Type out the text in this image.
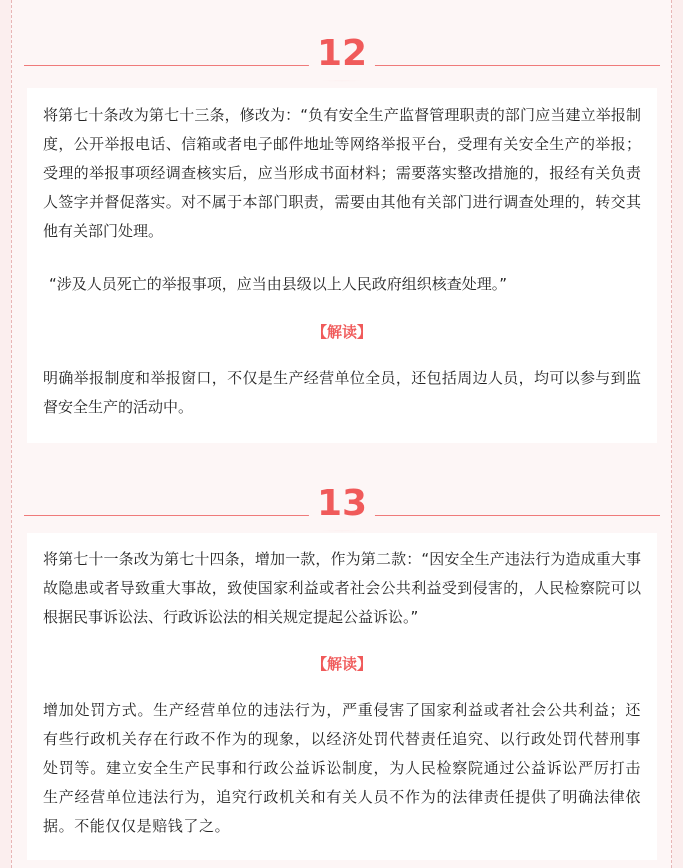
12

将第七十条改为第七十三条，修改为：“负有安全生产监督管理职责的部门应当建立举报制度，公开举报电话、信箱或者电子邮件地址等网络举报平台，受理有关安全生产的举报；受理的举报事项经调查核实后，应当形成书面材料；需要落实整改措施的，报经有关负责人签字并督促落实。对不属于本部门职责，需要由其他有关部门进行调查处理的，转交其他有关部门处理。

“涉及人员死亡的举报事项，应当由县级以上人民政府组织核查处理。”

【解读】

明确举报制度和举报窗口，不仅是生产经营单位全员，还包括周边人员，均可以参与到监督安全生产的活动中。

13

将第七十一条改为第七十四条，增加一款，作为第二款：“因安全生产违法行为造成重大事故隐患或者导致重大事故，致使国家利益或者社会公共利益受到侵害的，人民检察院可以根据民事诉讼法、行政诉讼法的相关规定提起公益诉讼。”

【解读】

增加处罚方式。生产经营单位的违法行为，严重侵害了国家利益或者社会公共利益；还有些行政机关存在行政不作为的现象，以经济处罚代替责任追究、以行政处罚代替刑事处罚等。建立安全生产民事和行政公益诉讼制度，为人民检察院通过公益诉讼严厉打击生产经营单位违法行为，追究行政机关和有关人员不作为的法律责任提供了明确法律依据。不能仅仅是赔钱了之。
